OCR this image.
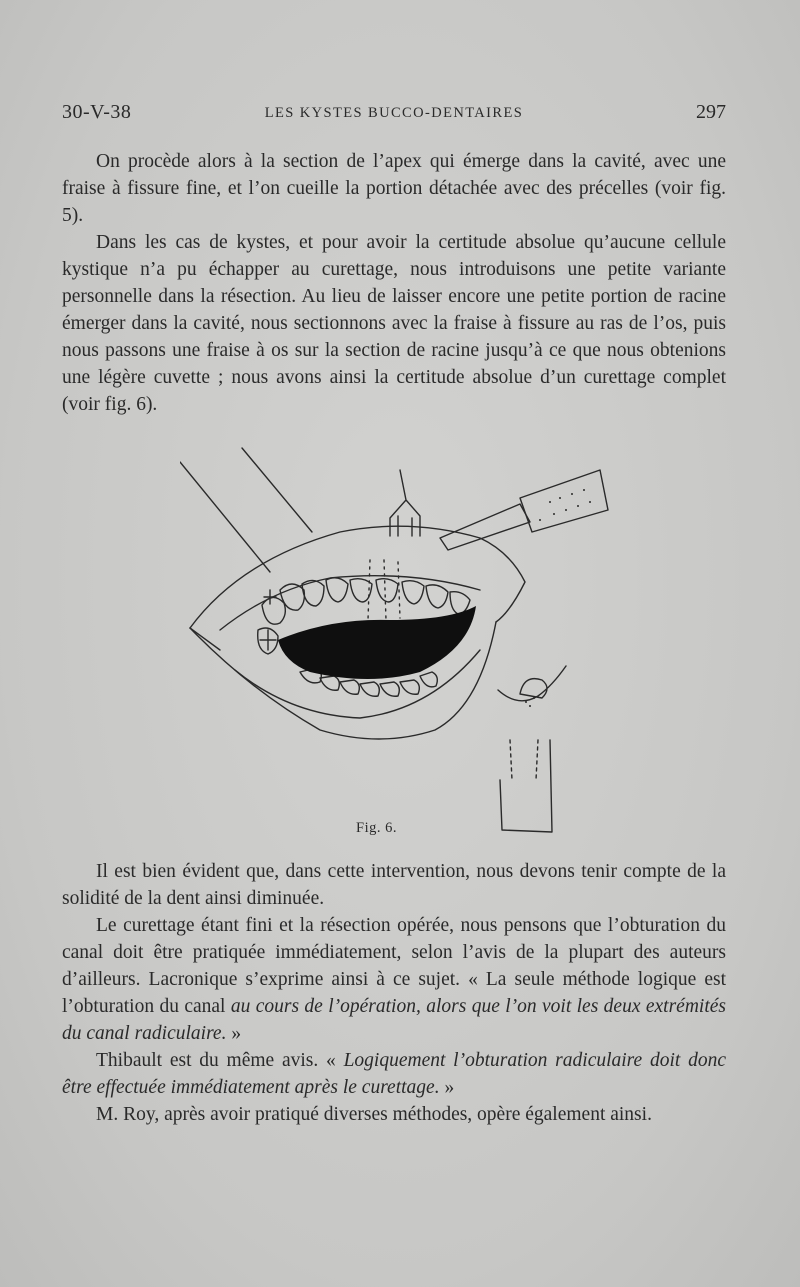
30-V-38	LES KYSTES BUCCO-DENTAIRES	297

On procède alors à la section de l’apex qui émerge dans la cavité, avec une fraise à fissure fine, et l’on cueille la portion détachée avec des précelles (voir fig. 5).

Dans les cas de kystes, et pour avoir la certitude absolue qu’aucune cellule kystique n’a pu échapper au curettage, nous introduisons une petite variante personnelle dans la résection. Au lieu de laisser encore une petite portion de racine émerger dans la cavité, nous sectionnons avec la fraise à fissure au ras de l’os, puis nous passons une fraise à os sur la section de racine jusqu’à ce que nous obtenions une légère cuvette ; nous avons ainsi la certitude absolue d’un curettage complet (voir fig. 6).

Fig. 6.

Il est bien évident que, dans cette intervention, nous devons tenir compte de la solidité de la dent ainsi diminuée.

Le curettage étant fini et la résection opérée, nous pensons que l’obturation du canal doit être pratiquée immédiatement, selon l’avis de la plupart des auteurs d’ailleurs. Lacronique s’exprime ainsi à ce sujet. « La seule méthode logique est l’obturation du canal au cours de l’opération, alors que l’on voit les deux extrémités du canal radiculaire. »

Thibault est du même avis. « Logiquement l’obturation radiculaire doit donc être effectuée immédiatement après le curettage. »

M. Roy, après avoir pratiqué diverses méthodes, opère également ainsi.
